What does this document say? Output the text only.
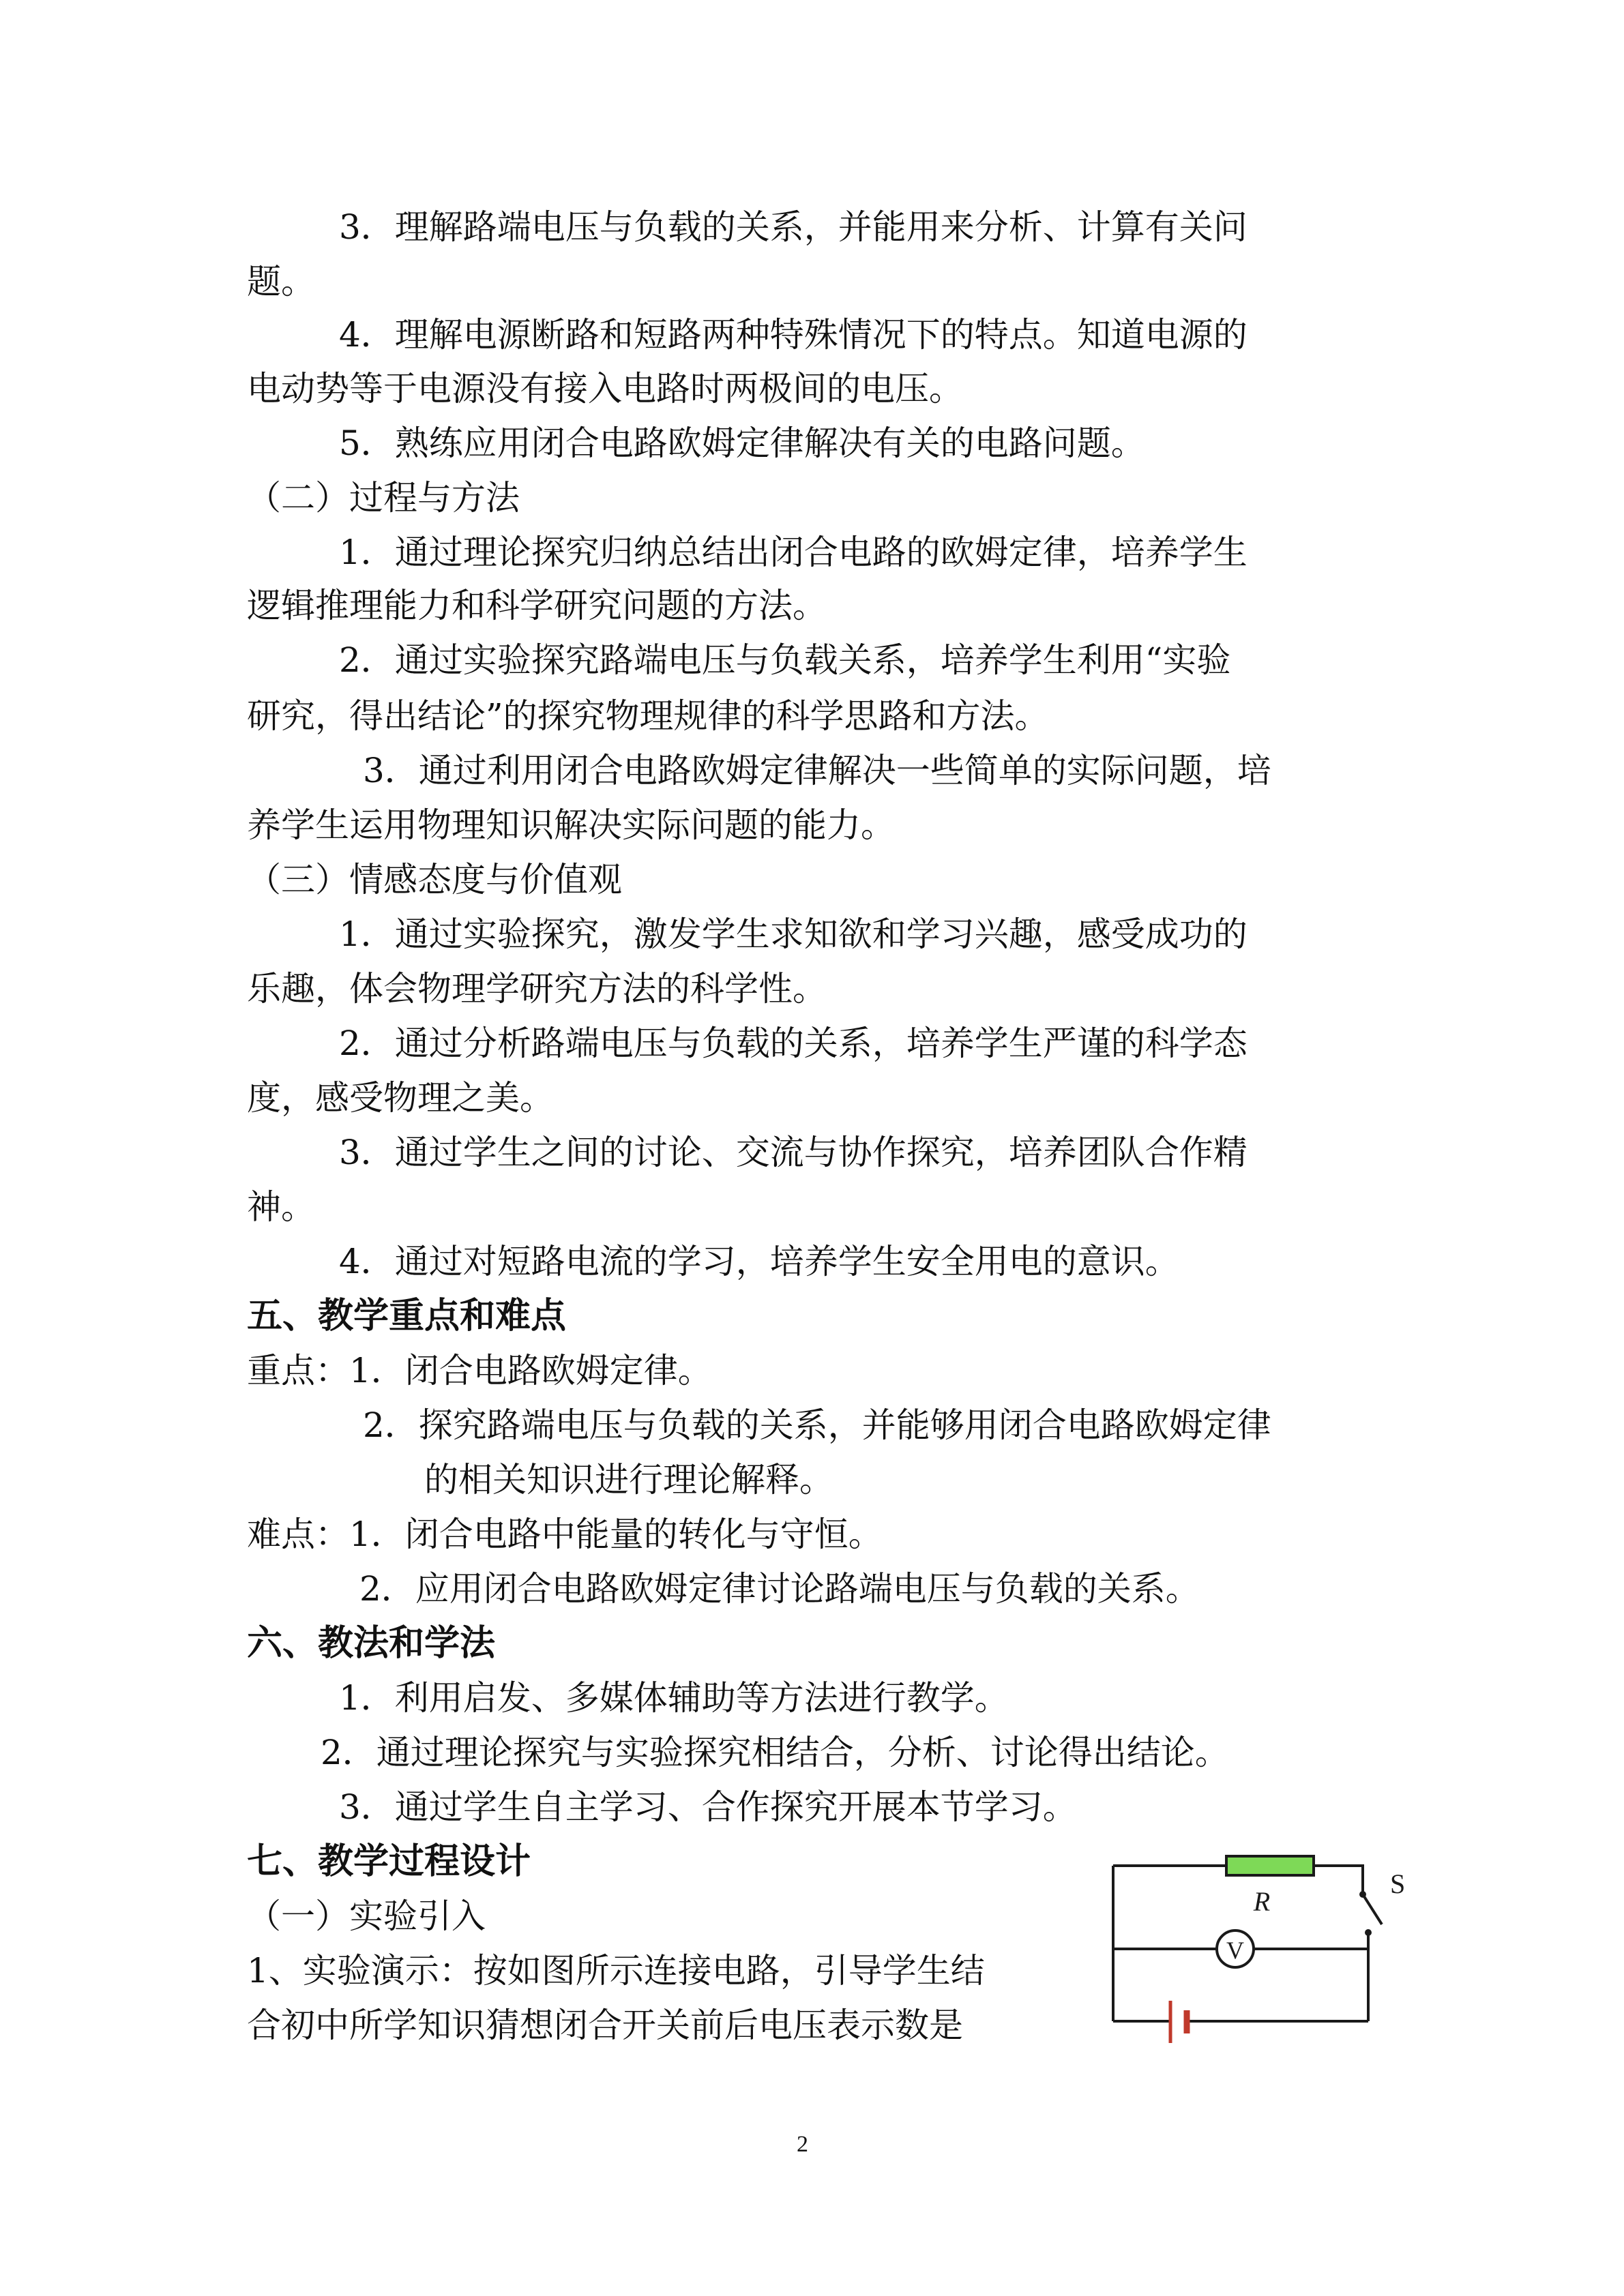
3．理解路端电压与负载的关系，并能用来分析、计算有关问
题。
4．理解电源断路和短路两种特殊情况下的特点。知道电源的
电动势等于电源没有接入电路时两极间的电压。
5．熟练应用闭合电路欧姆定律解决有关的电路问题。
（二）过程与方法
1．通过理论探究归纳总结出闭合电路的欧姆定律，培养学生
逻辑推理能力和科学研究问题的方法。
2．通过实验探究路端电压与负载关系，培养学生利用“实验
研究，得出结论”的探究物理规律的科学思路和方法。
3．通过利用闭合电路欧姆定律解决一些简单的实际问题，培
养学生运用物理知识解决实际问题的能力。
（三）情感态度与价值观
1．通过实验探究，激发学生求知欲和学习兴趣，感受成功的
乐趣，体会物理学研究方法的科学性。
2．通过分析路端电压与负载的关系，培养学生严谨的科学态
度，感受物理之美。
3．通过学生之间的讨论、交流与协作探究，培养团队合作精
神。
4．通过对短路电流的学习，培养学生安全用电的意识。
五、教学重点和难点
重点：1．闭合电路欧姆定律。
2．探究路端电压与负载的关系，并能够用闭合电路欧姆定律
的相关知识进行理论解释。
难点：1．闭合电路中能量的转化与守恒。
2．应用闭合电路欧姆定律讨论路端电压与负载的关系。
六、教法和学法
1．利用启发、多媒体辅助等方法进行教学。
2．通过理论探究与实验探究相结合，分析、讨论得出结论。
3．通过学生自主学习、合作探究开展本节学习。
七、教学过程设计
（一）实验引入
1、实验演示：按如图所示连接电路，引导学生结
合初中所学知识猜想闭合开关前后电压表示数是
V
R
S
2
